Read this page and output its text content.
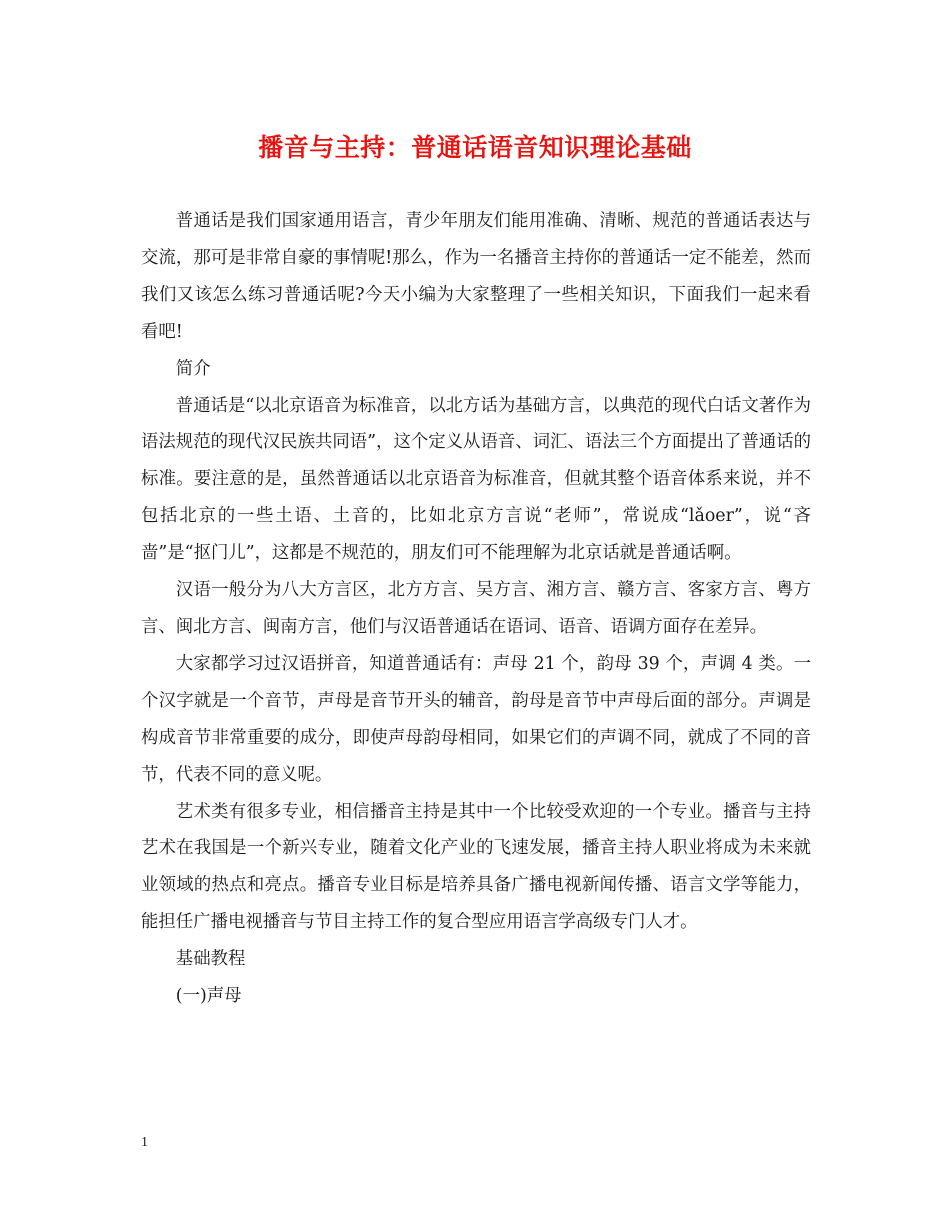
播音与主持：普通话语音知识理论基础

普通话是我们国家通用语言，青少年朋友们能用准确、清晰、规范的普通话表达与交流，那可是非常自豪的事情呢!那么，作为一名播音主持你的普通话一定不能差，然而我们又该怎么练习普通话呢?今天小编为大家整理了一些相关知识，下面我们一起来看看吧!

简介

普通话是“以北京语音为标准音，以北方话为基础方言，以典范的现代白话文著作为语法规范的现代汉民族共同语”，这个定义从语音、词汇、语法三个方面提出了普通话的标准。要注意的是，虽然普通话以北京语音为标准音，但就其整个语音体系来说，并不包括北京的一些土语、土音的，比如北京方言说“老师”，常说成“lǎoer”，说“吝啬”是“抠门儿”，这都是不规范的，朋友们可不能理解为北京话就是普通话啊。

汉语一般分为八大方言区，北方方言、吴方言、湘方言、赣方言、客家方言、粤方言、闽北方言、闽南方言，他们与汉语普通话在语词、语音、语调方面存在差异。

大家都学习过汉语拼音，知道普通话有：声母 21 个，韵母 39 个，声调 4 类。一个汉字就是一个音节，声母是音节开头的辅音，韵母是音节中声母后面的部分。声调是构成音节非常重要的成分，即使声母韵母相同，如果它们的声调不同，就成了不同的音节，代表不同的意义呢。

艺术类有很多专业，相信播音主持是其中一个比较受欢迎的一个专业。播音与主持艺术在我国是一个新兴专业，随着文化产业的飞速发展，播音主持人职业将成为未来就业领域的热点和亮点。播音专业目标是培养具备广播电视新闻传播、语言文学等能力，能担任广播电视播音与节目主持工作的复合型应用语言学高级专门人才。

基础教程

(一)声母

1
